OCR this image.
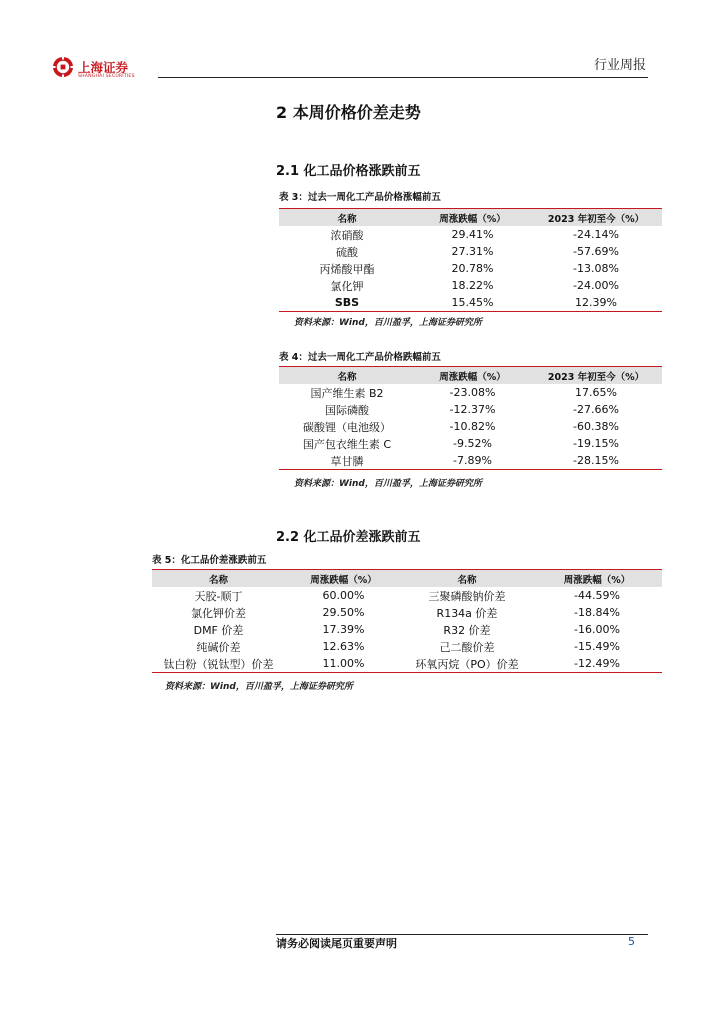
上海证券
SHANGHAI SECURITIES
行业周报
2 本周价格价差走势
2.1 化工品价格涨跌前五
表 3：过去一周化工产品价格涨幅前五
名称	周涨跌幅（%）	2023 年初至今（%）
浓硝酸	29.41%	-24.14%
硫酸	27.31%	-57.69%
丙烯酸甲酯	20.78%	-13.08%
氯化钾	18.22%	-24.00%
SBS	15.45%	12.39%
资料来源：Wind，百川盈孚，上海证券研究所
表 4：过去一周化工产品价格跌幅前五
名称	周涨跌幅（%）	2023 年初至今（%）
国产维生素 B2	-23.08%	17.65%
国际磷酸	-12.37%	-27.66%
碳酸锂（电池级）	-10.82%	-60.38%
国产包衣维生素 C	-9.52%	-19.15%
草甘膦	-7.89%	-28.15%
资料来源：Wind，百川盈孚，上海证券研究所
2.2 化工品价差涨跌前五
表 5：化工品价差涨跌前五
名称	周涨跌幅（%）	名称	周涨跌幅（%）
天胶-顺丁	60.00%	三聚磷酸钠价差	-44.59%
氯化钾价差	29.50%	R134a 价差	-18.84%
DMF 价差	17.39%	R32 价差	-16.00%
纯碱价差	12.63%	己二酸价差	-15.49%
钛白粉（锐钛型）价差	11.00%	环氧丙烷（PO）价差	-12.49%
资料来源：Wind，百川盈孚，上海证券研究所
请务必阅读尾页重要声明	5
